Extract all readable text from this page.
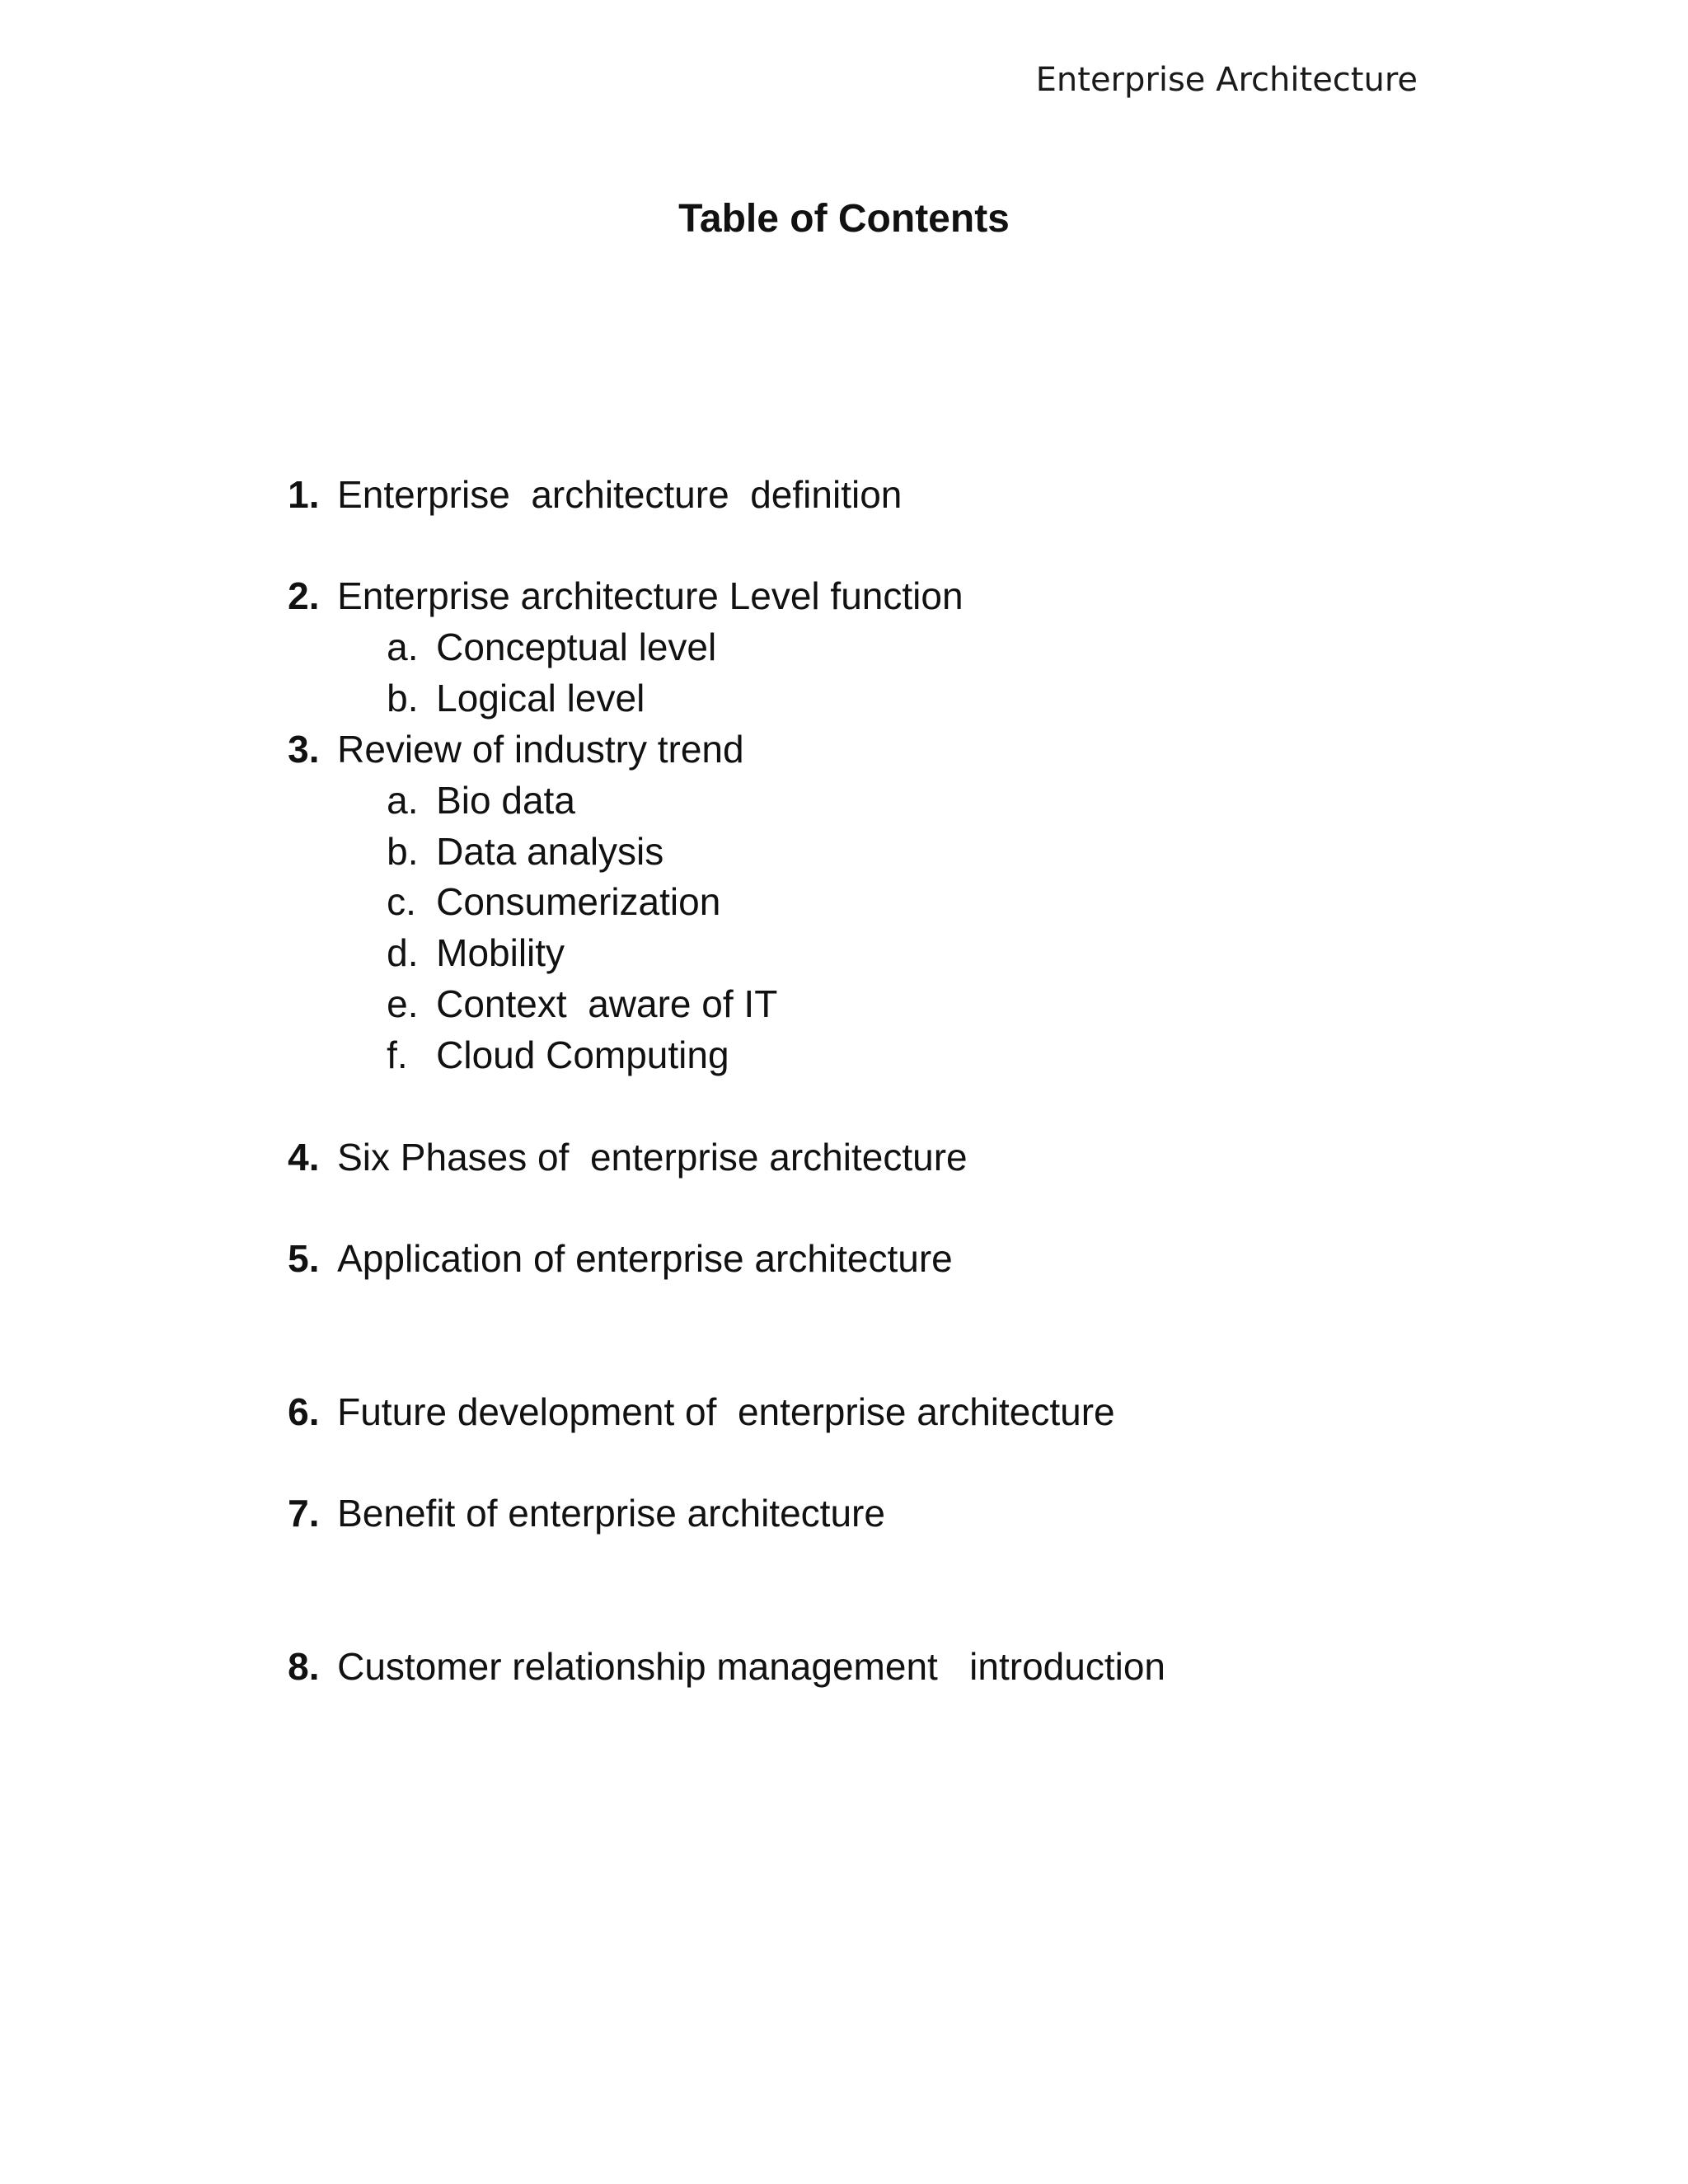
Enterprise Architecture
Table of Contents

1. Enterprise  architecture  definition

2. Enterprise architecture Level function

a. Conceptual level

b. Logical level

3. Review of industry trend

a. Bio data

b. Data analysis

c. Consumerization

d. Mobility

e. Context  aware of IT

f. Cloud Computing

4. Six Phases of  enterprise architecture

5. Application of enterprise architecture

6. Future development of  enterprise architecture

7. Benefit of enterprise architecture

8. Customer relationship management   introduction
